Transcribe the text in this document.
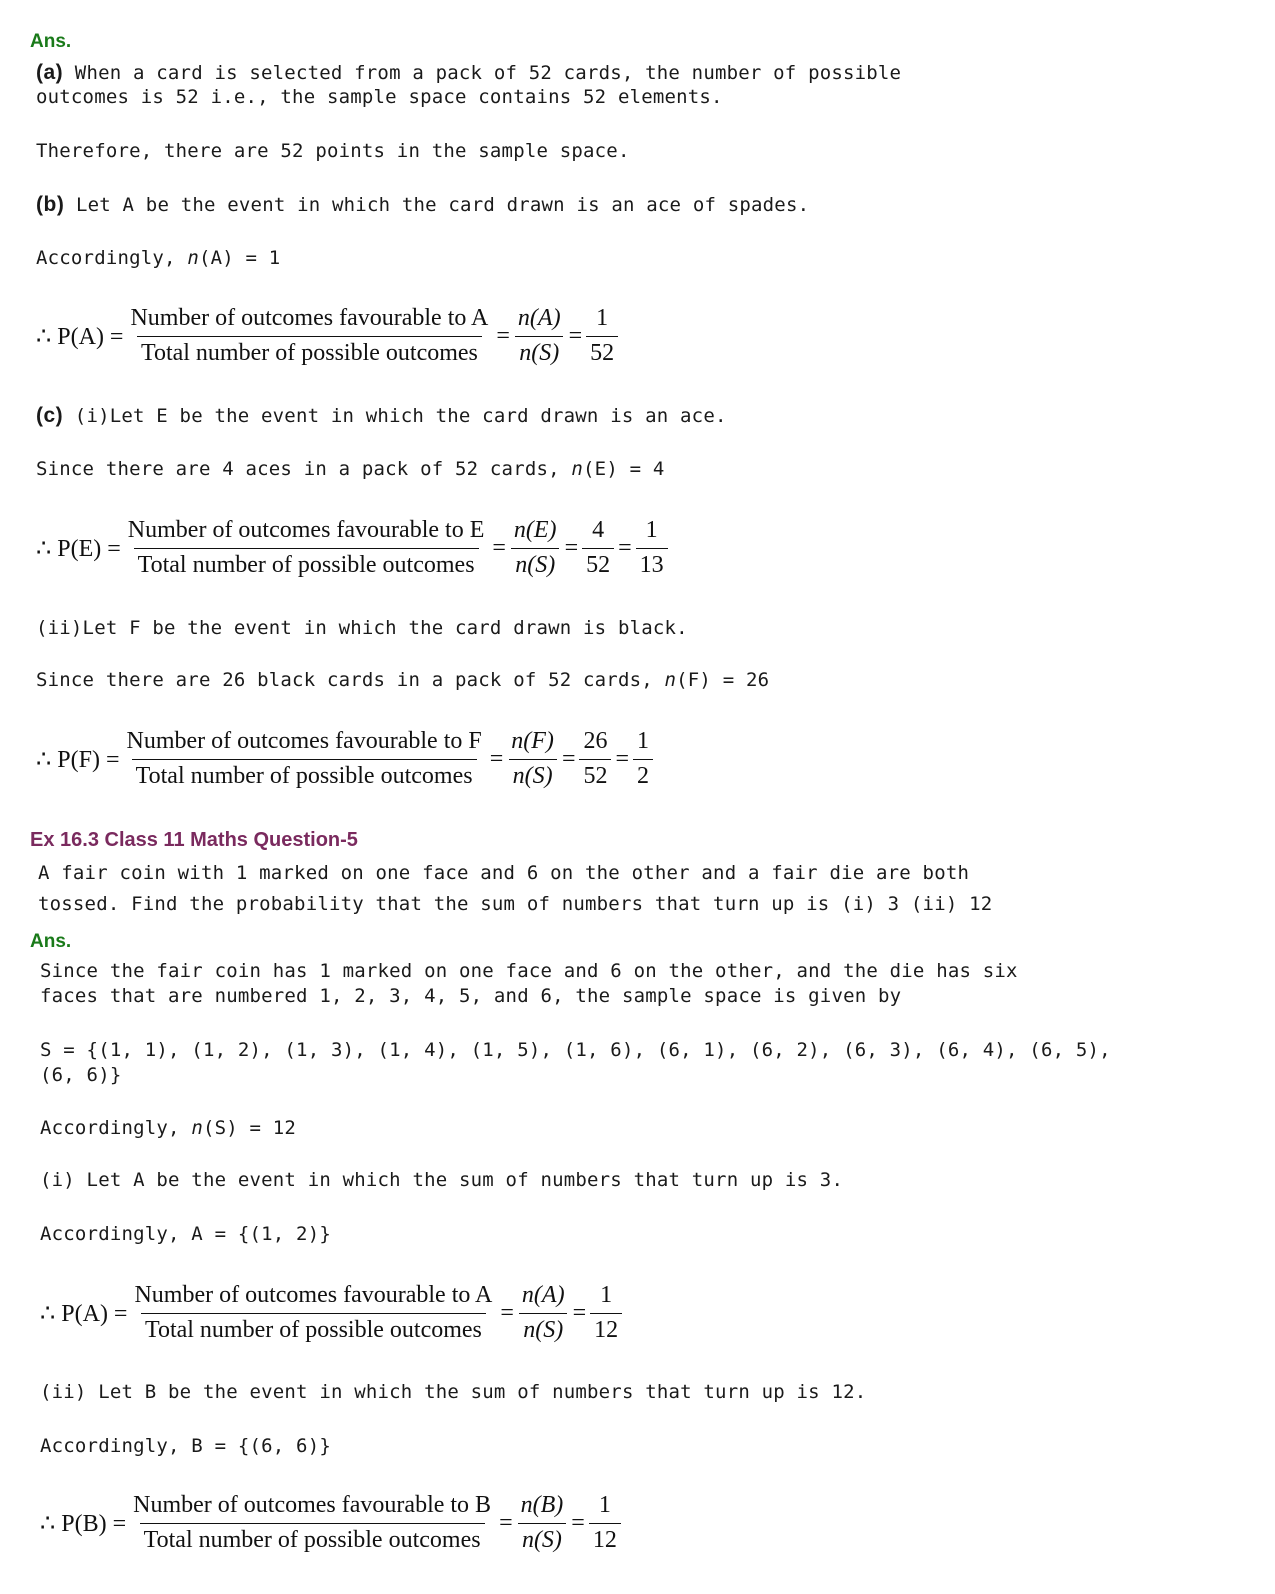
Ans.
(a) When a card is selected from a pack of 52 cards, the number of possible
outcomes is 52 i.e., the sample space contains 52 elements.
Therefore, there are 52 points in the sample space.
(b) Let A be the event in which the card drawn is an ace of spades.
Accordingly, n(A) = 1
∴ $P(A) = \frac{\text{Number of outcomes favourable to A}}{\text{Total number of possible outcomes}} = \frac{n(A)}{n(S)} = \frac{1}{52}$
(c) (i)Let E be the event in which the card drawn is an ace.
Since there are 4 aces in a pack of 52 cards, n(E) = 4
∴ $P(E) = \frac{\text{Number of outcomes favourable to E}}{\text{Total number of possible outcomes}} = \frac{n(E)}{n(S)} = \frac{4}{52} = \frac{1}{13}$
(ii)Let F be the event in which the card drawn is black.
Since there are 26 black cards in a pack of 52 cards, n(F) = 26
∴ $P(F) = \frac{\text{Number of outcomes favourable to F}}{\text{Total number of possible outcomes}} = \frac{n(F)}{n(S)} = \frac{26}{52} = \frac{1}{2}$
Ex 16.3 Class 11 Maths Question-5
A fair coin with 1 marked on one face and 6 on the other and a fair die are both
tossed. Find the probability that the sum of numbers that turn up is (i) 3 (ii) 12
Ans.
Since the fair coin has 1 marked on one face and 6 on the other, and the die has six
faces that are numbered 1, 2, 3, 4, 5, and 6, the sample space is given by
S = {(1, 1), (1, 2), (1, 3), (1, 4), (1, 5), (1, 6), (6, 1), (6, 2), (6, 3), (6, 4), (6, 5),
(6, 6)}
Accordingly, n(S) = 12
(i) Let A be the event in which the sum of numbers that turn up is 3.
Accordingly, A = {(1, 2)}
∴ $P(A) = \frac{\text{Number of outcomes favourable to A}}{\text{Total number of possible outcomes}} = \frac{n(A)}{n(S)} = \frac{1}{12}$
(ii) Let B be the event in which the sum of numbers that turn up is 12.
Accordingly, B = {(6, 6)}
∴ $P(B) = \frac{\text{Number of outcomes favourable to B}}{\text{Total number of possible outcomes}} = \frac{n(B)}{n(S)} = \frac{1}{12}$
